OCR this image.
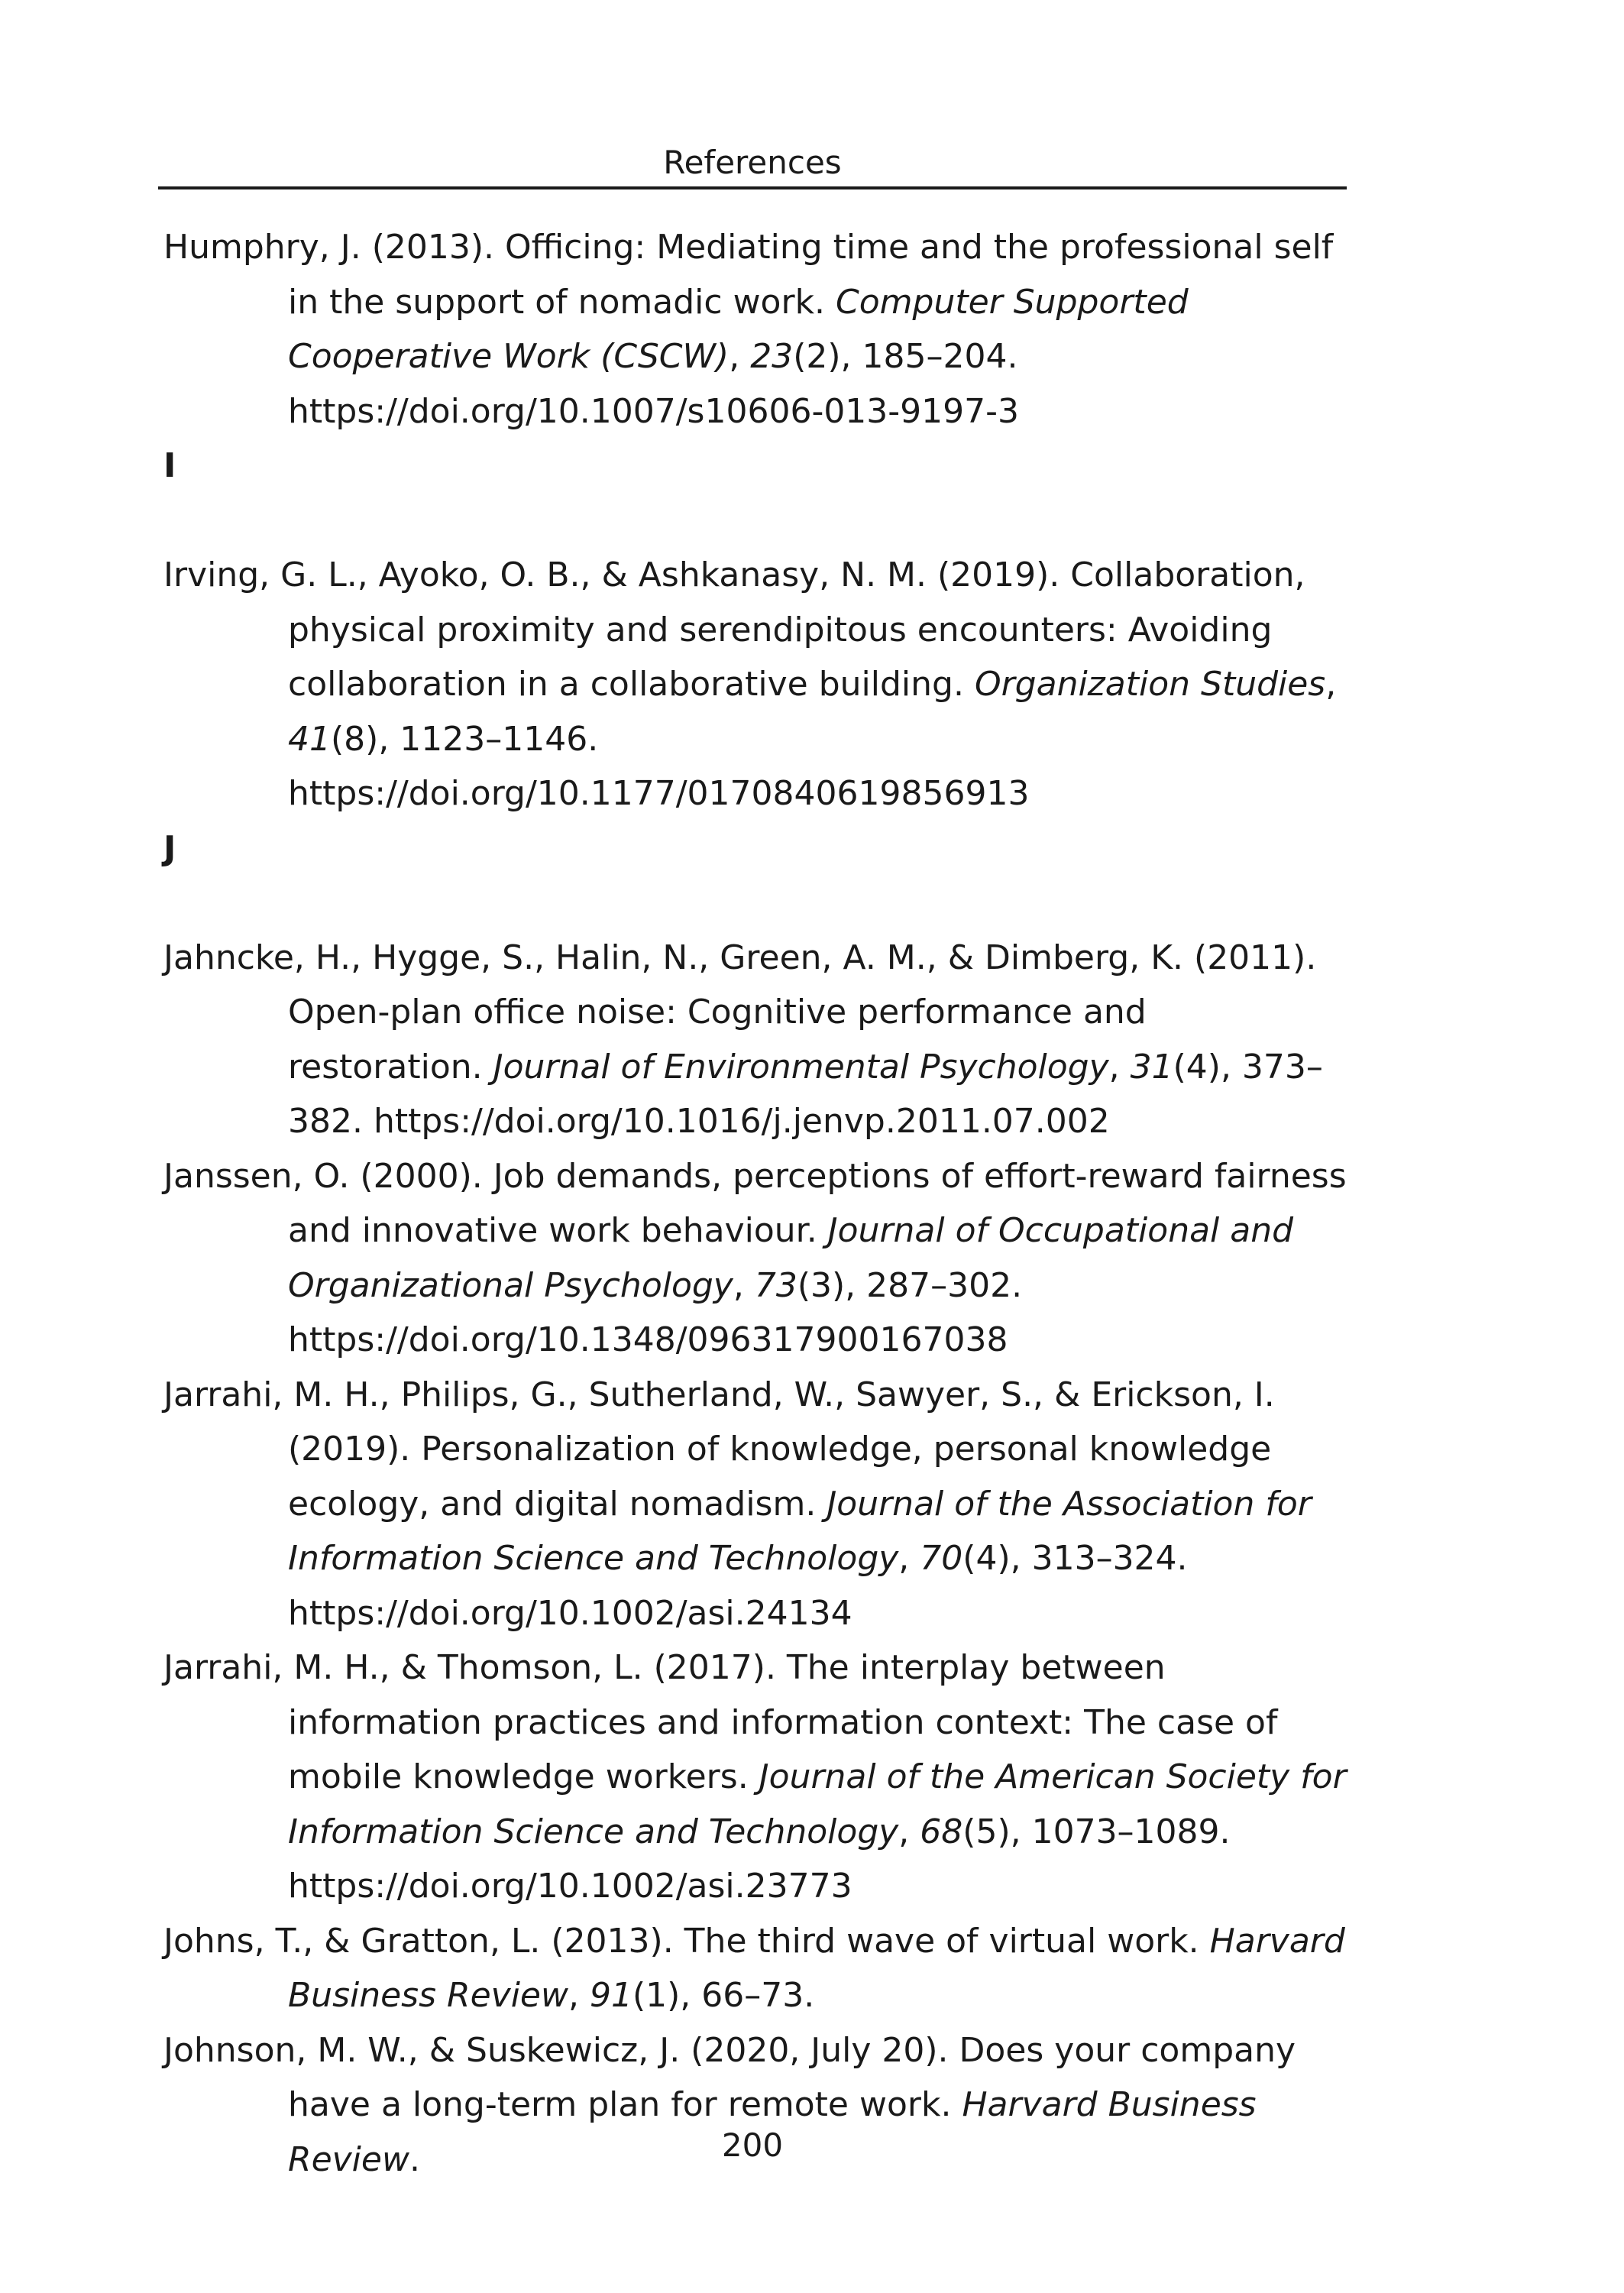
References

Humphry, J. (2013). Officing: Mediating time and the professional self in the support of nomadic work. Computer Supported Cooperative Work (CSCW), 23(2), 185–204. https://doi.org/10.1007/s10606-013-9197-3

I

Irving, G. L., Ayoko, O. B., & Ashkanasy, N. M. (2019). Collaboration, physical proximity and serendipitous encounters: Avoiding collaboration in a collaborative building. Organization Studies, 41(8), 1123–1146. https://doi.org/10.1177/0170840619856913

J

Jahncke, H., Hygge, S., Halin, N., Green, A. M., & Dimberg, K. (2011). Open-plan office noise: Cognitive performance and restoration. Journal of Environmental Psychology, 31(4), 373–382. https://doi.org/10.1016/j.jenvp.2011.07.002

Janssen, O. (2000). Job demands, perceptions of effort-reward fairness and innovative work behaviour. Journal of Occupational and Organizational Psychology, 73(3), 287–302. https://doi.org/10.1348/096317900167038

Jarrahi, M. H., Philips, G., Sutherland, W., Sawyer, S., & Erickson, I. (2019). Personalization of knowledge, personal knowledge ecology, and digital nomadism. Journal of the Association for Information Science and Technology, 70(4), 313–324. https://doi.org/10.1002/asi.24134

Jarrahi, M. H., & Thomson, L. (2017). The interplay between information practices and information context: The case of mobile knowledge workers. Journal of the American Society for Information Science and Technology, 68(5), 1073–1089. https://doi.org/10.1002/asi.23773

Johns, T., & Gratton, L. (2013). The third wave of virtual work. Harvard Business Review, 91(1), 66–73.

Johnson, M. W., & Suskewicz, J. (2020, July 20). Does your company have a long-term plan for remote work. Harvard Business Review.	200
